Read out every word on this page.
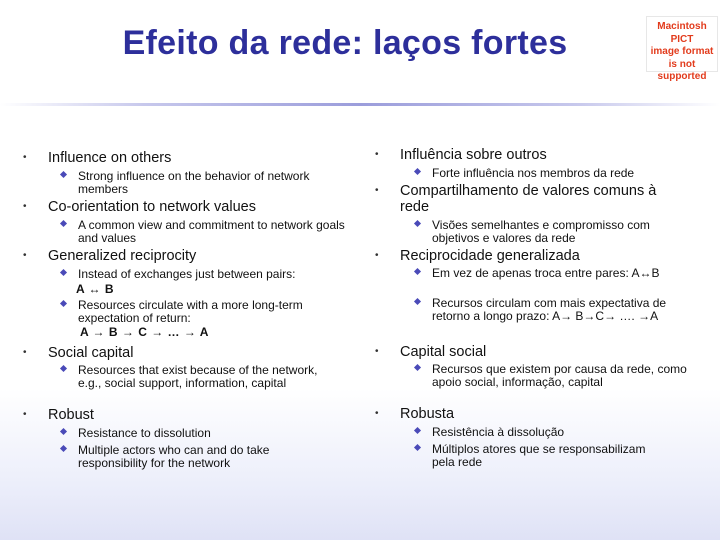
Efeito da rede: laços fortes	Macintosh PICT
image format
is not supported
• Influence on others
Strong influence on the behavior of network members
• Co-orientation to network values
A common view and commitment to network goals and values
• Generalized reciprocity
Instead of exchanges just between pairs:
A ↔ B
Resources circulate with a more long-term expectation of return:
A → B → C → … → A
• Social capital
Resources that exist because of the network, e.g., social support, information, capital
• Robust
Resistance to dissolution
Multiple actors who can and do take responsibility for the network
• Influência sobre outros
Forte influência nos membros da rede
• Compartilhamento de valores comuns à rede
Visões semelhantes e compromisso com objetivos e valores da rede
• Reciprocidade generalizada
Em vez de apenas troca entre pares: A↔B
Recursos circulam com mais expectativa de retorno a longo prazo: A→ B→C→ …. →A
• Capital social
Recursos que existem por causa da rede, como apoio social, informação, capital
• Robusta
Resistência à dissolução
Múltiplos atores que se responsabilizam pela rede
